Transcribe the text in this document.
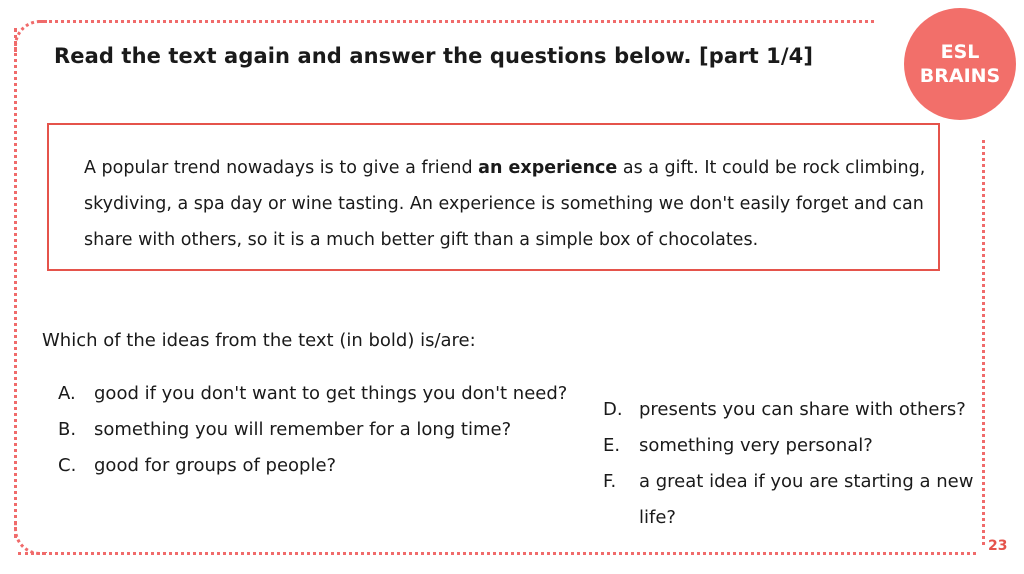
Read the text again and answer the questions below. [part 1/4]	ESL
BRAINS
A popular trend nowadays is to give a friend an experience as a gift. It could be rock climbing, skydiving, a spa day or wine tasting. An experience is something we don't easily forget and can share with others, so it is a much better gift than a simple box of chocolates.
Which of the ideas from the text (in bold) is/are:
A.	good if you don't want to get things you don't need?
B. something you will remember for a long time?
C. good for groups of people?
D. presents you can share with others?
E.	something very personal?
F.	a great idea if you are starting a new life?
23
